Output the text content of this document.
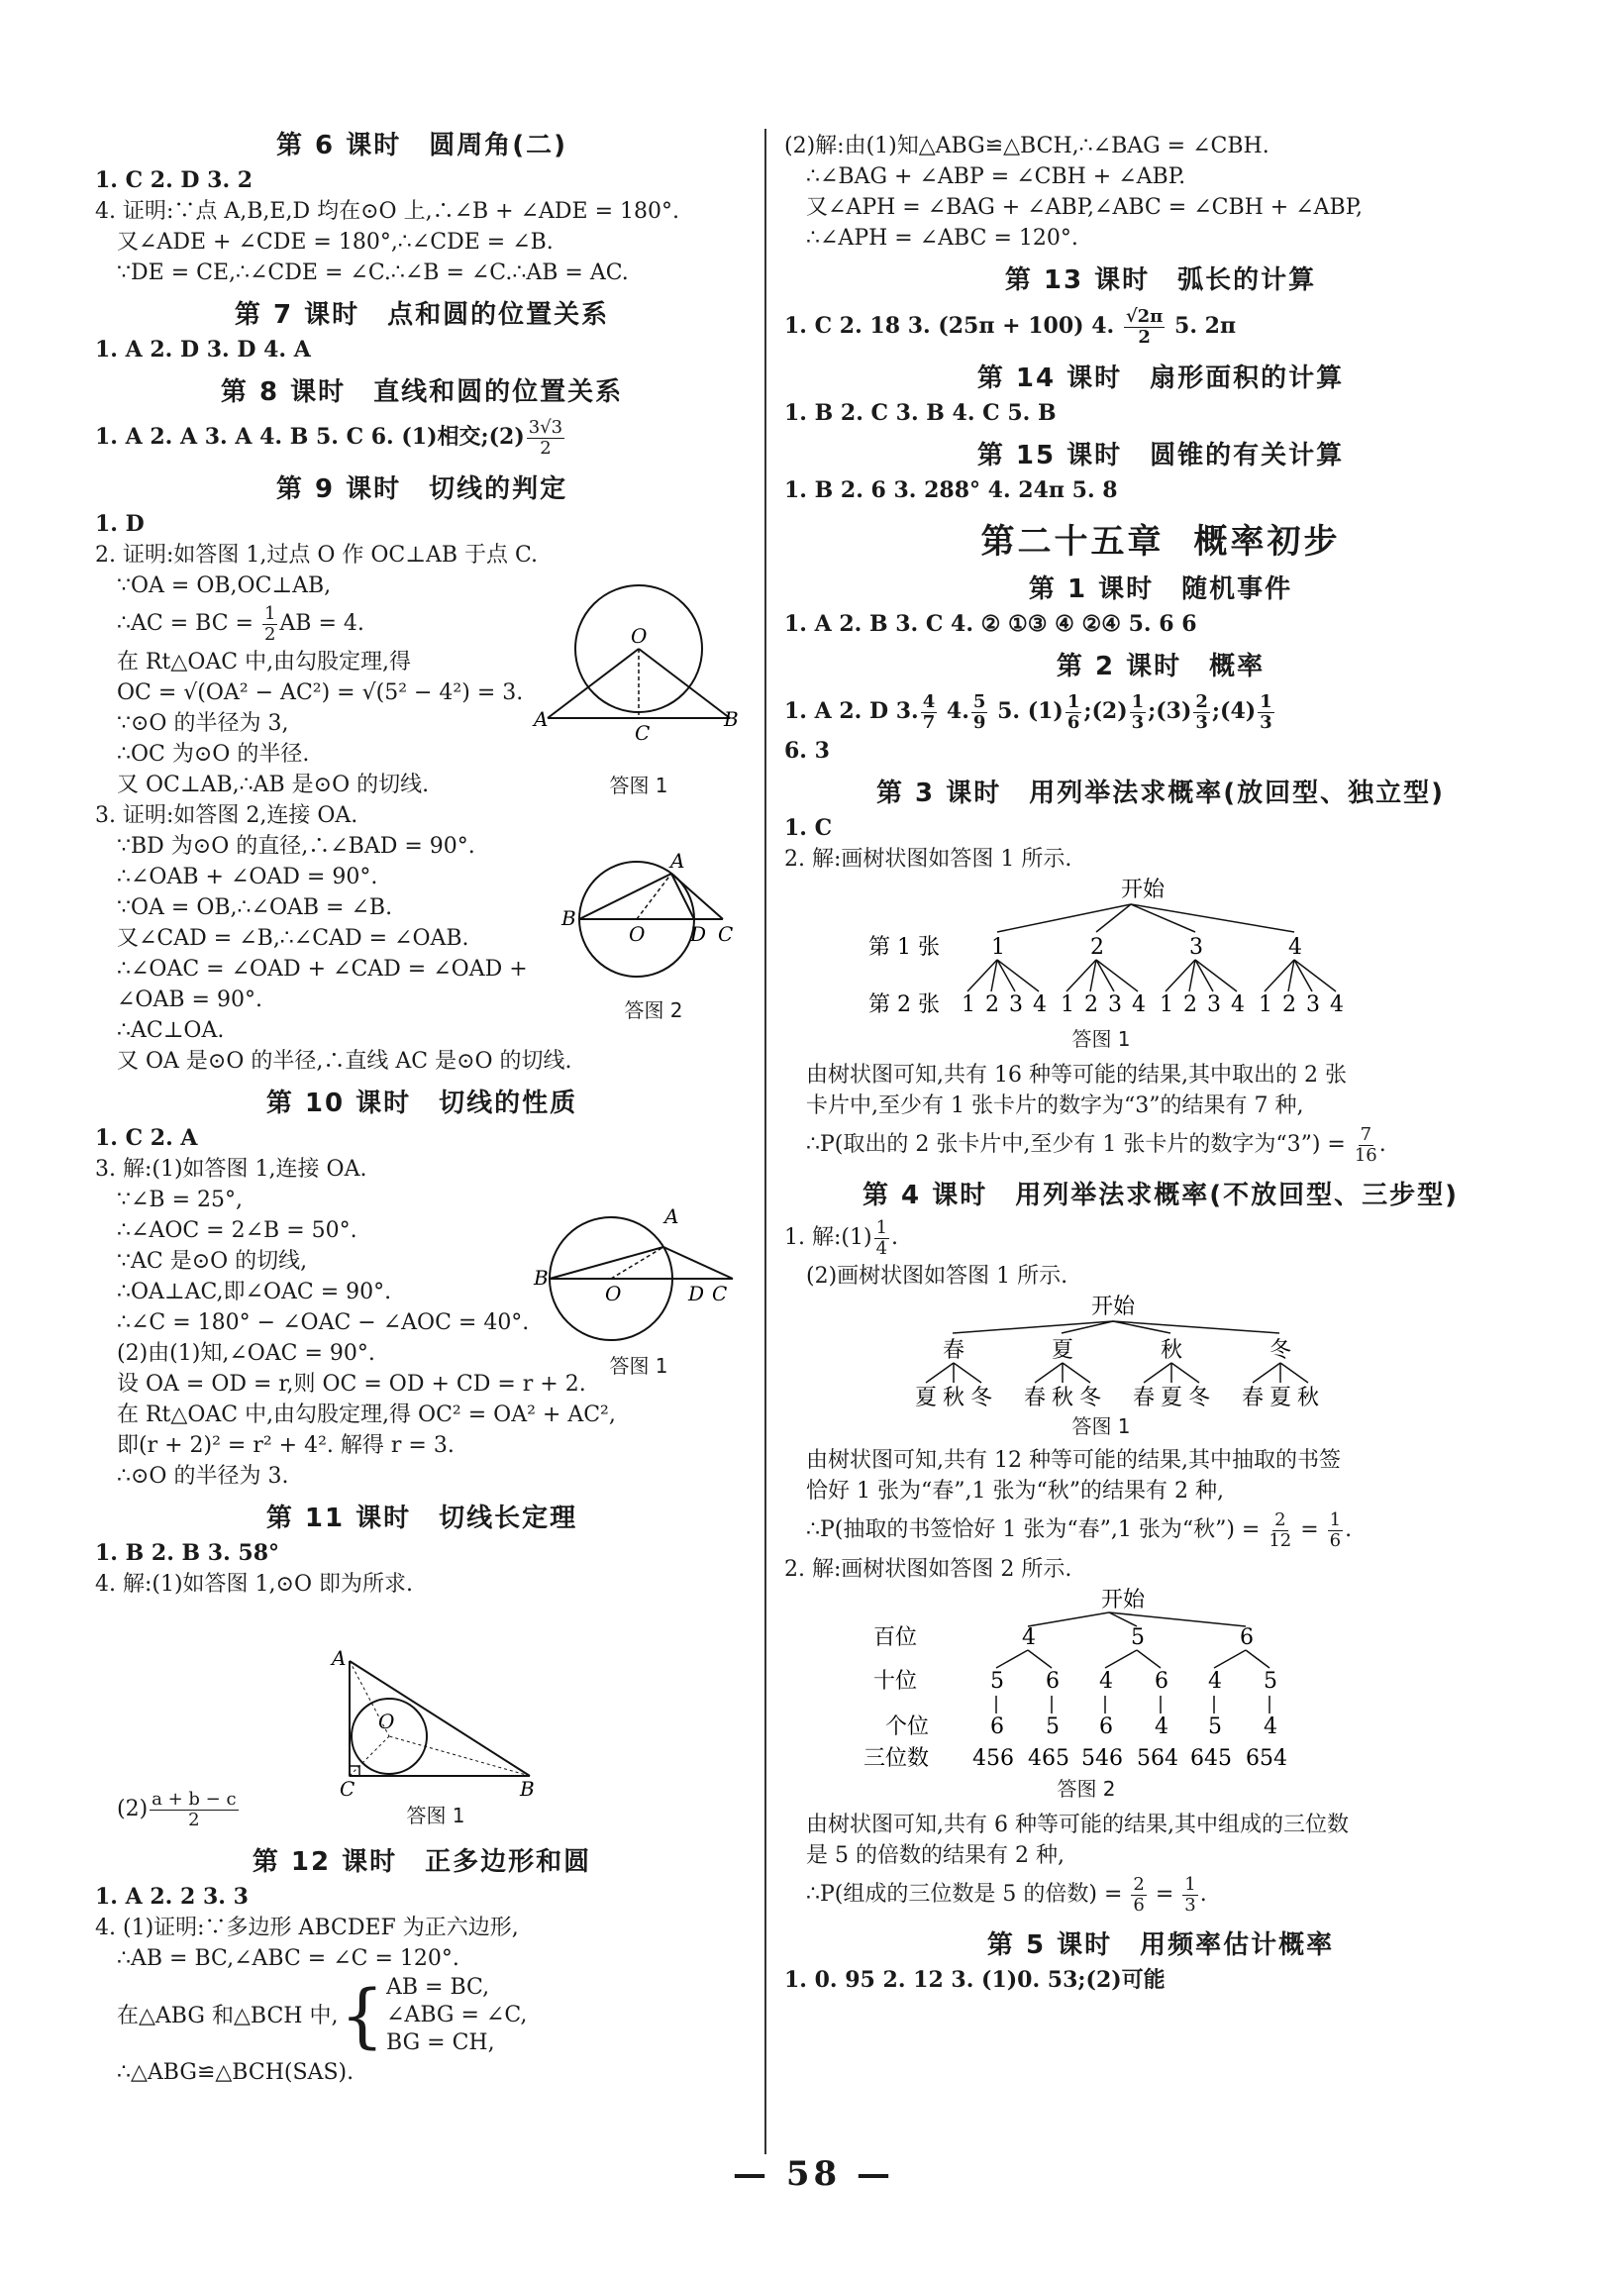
第 6 课时 圆周角(二)
1. C 2. D 3. 2
4. 证明:∵点 A,B,E,D 均在⊙O 上,∴∠B + ∠ADE = 180°.
又∠ADE + ∠CDE = 180°,∴∠CDE = ∠B.
∵DE = CE,∴∠CDE = ∠C.∴∠B = ∠C.∴AB = AC.
第 7 课时 点和圆的位置关系
1. A 2. D 3. D 4. A
第 8 课时 直线和圆的位置关系
1. A 2. A 3. A 4. B 5. C 6. (1)相交;(2) $\frac{3√3}{2}$
第 9 课时 切线的判定
1. D
2. 证明:如答图 1,过点 O 作 OC⊥AB 于点 C.
∵OA = OB,OC⊥AB,
∴AC = BC = $\frac{1}{2}$ AB = 4.
在 Rt△OAC 中,由勾股定理,得
OC = √(OA² − AC²) = √(5² − 4²) = 3.
∵⊙O 的半径为 3,
∴OC 为⊙O 的半径.
又 OC⊥AB,∴AB 是⊙O 的切线.
3. 证明:如答图 2,连接 OA.
∵BD 为⊙O 的直径,∴∠BAD = 90°.
∴∠OAB + ∠OAD = 90°.
∵OA = OB,∴∠OAB = ∠B.
又∠CAD = ∠B,∴∠CAD = ∠OAB.
∴∠OAC = ∠OAD + ∠CAD = ∠OAD +
∠OAB = 90°.
∴AC⊥OA.
又 OA 是⊙O 的半径,∴直线 AC 是⊙O 的切线.
第 10 课时 切线的性质
1. C 2. A
3. 解:(1)如答图 1,连接 OA.
∵∠B = 25°,
∴∠AOC = 2∠B = 50°.
∵AC 是⊙O 的切线,
∴OA⊥AC,即∠OAC = 90°.
∴∠C = 180° − ∠OAC − ∠AOC = 40°.
(2)由(1)知,∠OAC = 90°.
设 OA = OD = r,则 OC = OD + CD = r + 2.
在 Rt△OAC 中,由勾股定理,得 OC² = OA² + AC²,
即(r + 2)² = r² + 4². 解得 r = 3.
∴⊙O 的半径为 3.
第 11 课时 切线长定理
1. B 2. B 3. 58°
4. 解:(1)如答图 1,⊙O 即为所求.
$(2) \frac{a + b - c}{2}$
第 12 课时 正多边形和圆
1. A 2. 2 3. 3
4. (1)证明:∵多边形 ABCDEF 为正六边形,
∴AB = BC,∠ABC = ∠C = 120°.
在△ABG 和△BCH 中, { AB = BC,
∠ABG = ∠C,
BG = CH,
∴△ABG≌△BCH(SAS).
O
A
C
B
答图 1
A
B
O D C
答图 2
A
B
O	D C
答图 1
A
O
C	B
答图 1
(2)解:由(1)知△ABG≌△BCH,∴∠BAG = ∠CBH.
∴∠BAG + ∠ABP = ∠CBH + ∠ABP.
又∠APH = ∠BAG + ∠ABP,∠ABC = ∠CBH + ∠ABP,
∴∠APH = ∠ABC = 120°.
第 13 课时 弧长的计算
1. C 2. 18 3. (25π + 100) 4. $\frac{√2\pi}{2} 5$. 2π
第 14 课时 扇形面积的计算
1. B 2. C 3. B 4. C 5. B
第 15 课时 圆锥的有关计算
1. B 2. 6 3. 288° 4. 24π 5. 8
第二十五章 概率初步
第 1 课时 随机事件
1. A 2. B 3. C 4. ② ①③ ④ ②④ 5. 6 6
第 2 课时 概率
1. A 2. D 3. $\frac{4}{7} 4$. $\frac{5}{9} 5$. $(1) \frac{1}{6}$ ;(2) $\frac{1}{3}$ ;(3) $\frac{2}{3}$ ;(4) $\frac{1}{3}$
6. 3
第 3 课时 用列举法求概率(放回型、独立型)
1. C
2. 解:画树状图如答图 1 所示.
开始
第 1 张
第 2 张
1
1 2 3 4
2
1 2 3 4
3
1 2 3 4
4
1 2 3 4
答图 1
由树状图可知,共有 16 种等可能的结果,其中取出的 2 张
卡片中,至少有 1 张卡片的数字为“3”的结果有 7 种,
∴P(取出的 2 张卡片中,至少有 1 张卡片的数字为“3”) = $\frac{7}{16}$ .
第 4 课时 用列举法求概率(不放回型、三步型)
1. 解:(1) $\frac{1}{4}$ .
(2)画树状图如答图 1 所示.
开始
春
夏 秋 冬
夏
春 秋 冬
秋
春 夏 冬
冬
春 夏 秋
答图 1
由树状图可知,共有 12 种等可能的结果,其中抽取的书签
恰好 1 张为“春”,1 张为“秋”的结果有 2 种,
∴P(抽取的书签恰好 1 张为“春”,1 张为“秋”) = $\frac{2}{12} = \frac{1}{6}$ .
2. 解:画树状图如答图 2 所示.
开始
百位
十位
个位
三位数
4
5
6
456
6
5
465
5
4
6
546
6
4
564
6
4
5
645
5
4
654
答图 2
由树状图可知,共有 6 种等可能的结果,其中组成的三位数
是 5 的倍数的结果有 2 种,
∴P(组成的三位数是 5 的倍数) = $\frac{2}{6} = \frac{1}{3}$ .
第 5 课时 用频率估计概率
1. 0. 95 2. 12 3. (1)0. 53;(2)可能
— 58 —
